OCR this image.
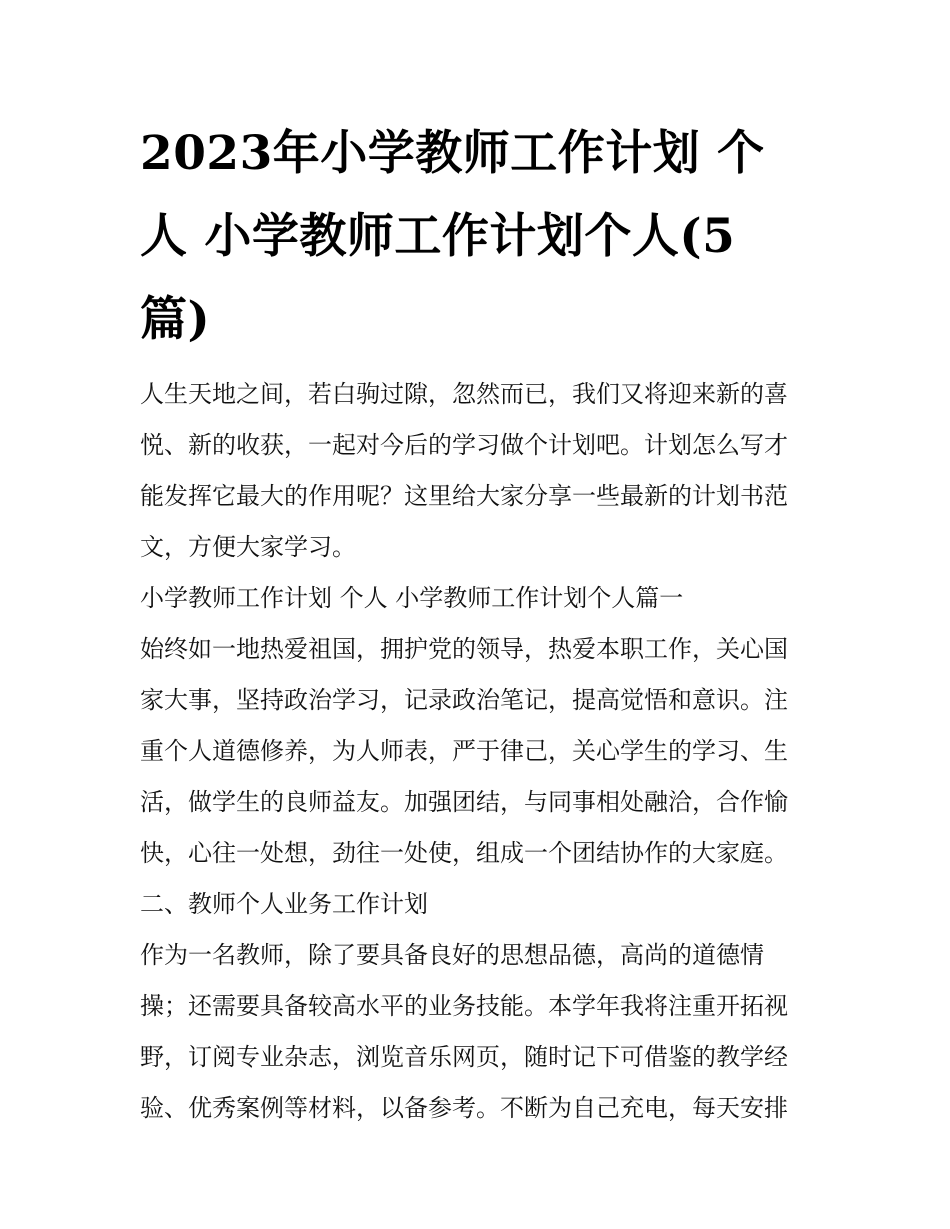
2023年小学教师工作计划 个
人 小学教师工作计划个人(5
篇)

人生天地之间，若白驹过隙，忽然而已，我们又将迎来新的喜
悦、新的收获，一起对今后的学习做个计划吧。计划怎么写才
能发挥它最大的作用呢？这里给大家分享一些最新的计划书范
文，方便大家学习。

小学教师工作计划 个人 小学教师工作计划个人篇一

始终如一地热爱祖国，拥护党的领导，热爱本职工作，关心国
家大事，坚持政治学习，记录政治笔记，提高觉悟和意识。注
重个人道德修养，为人师表，严于律己，关心学生的学习、生
活，做学生的良师益友。加强团结，与同事相处融洽，合作愉
快，心往一处想，劲往一处使，组成一个团结协作的大家庭。

二、教师个人业务工作计划

作为一名教师，除了要具备良好的思想品德，高尚的道德情
操；还需要具备较高水平的业务技能。本学年我将注重开拓视
野，订阅专业杂志，浏览音乐网页，随时记下可借鉴的教学经
验、优秀案例等材料，以备参考。不断为自己充电，每天安排
